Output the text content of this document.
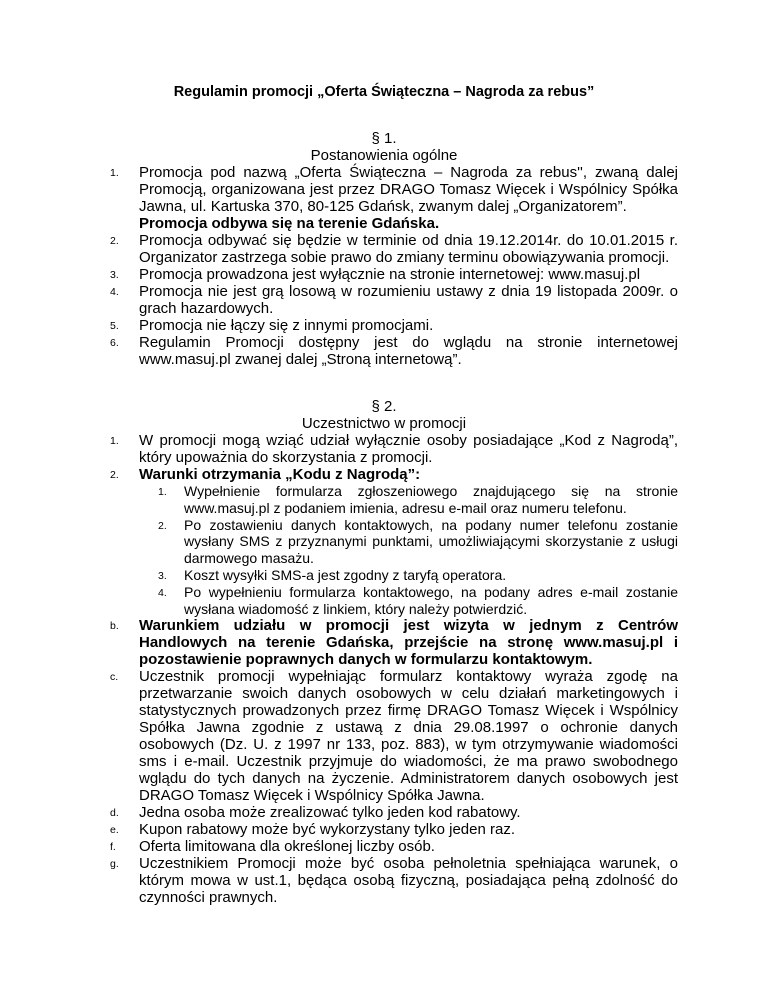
Regulamin promocji „Oferta Świąteczna – Nagroda za rebus”
§ 1.
Postanowienia ogólne
1.	Promocja pod nazwą „Oferta Świąteczna – Nagroda za rebus'', zwaną dalej Promocją, organizowana jest przez DRAGO Tomasz Więcek i Wspólnicy Spółka Jawna, ul. Kartuska 370, 80-125 Gdańsk, zwanym dalej „Organizatorem”.
Promocja odbywa się na terenie Gdańska.
2.	Promocja odbywać się będzie w terminie od dnia 19.12.2014r. do 10.01.2015 r. Organizator zastrzega sobie prawo do zmiany terminu obowiązywania promocji.
3.	Promocja prowadzona jest wyłącznie na stronie internetowej: www.masuj.pl
4.	Promocja nie jest grą losową w rozumieniu ustawy z dnia 19 listopada 2009r. o grach hazardowych.
5.	Promocja nie łączy się z innymi promocjami.
6.	Regulamin Promocji dostępny jest do wglądu na stronie internetowej www.masuj.pl zwanej dalej „Stroną internetową”.
§ 2.
Uczestnictwo w promocji
1.	W promocji mogą wziąć udział wyłącznie osoby posiadające „Kod z Nagrodą”, który upoważnia do skorzystania z promocji.
2.	Warunki otrzymania „Kodu z Nagrodą”:
1.	Wypełnienie formularza zgłoszeniowego znajdującego się na stronie www.masuj.pl z podaniem imienia, adresu e-mail oraz numeru telefonu.
2.	Po zostawieniu danych kontaktowych, na podany numer telefonu zostanie wysłany SMS z przyznanymi punktami, umożliwiającymi skorzystanie z usługi darmowego masażu.
3.	Koszt wysyłki SMS-a jest zgodny z taryfą operatora.
4.	Po wypełnieniu formularza kontaktowego, na podany adres e-mail zostanie wysłana wiadomość z linkiem, który należy potwierdzić.
b.	Warunkiem udziału w promocji jest wizyta w jednym z Centrów Handlowych na terenie Gdańska, przejście na stronę www.masuj.pl i pozostawienie poprawnych danych w formularzu kontaktowym.
c.	Uczestnik promocji wypełniając formularz kontaktowy wyraża zgodę na przetwarzanie swoich danych osobowych w celu działań marketingowych i statystycznych prowadzonych przez firmę DRAGO Tomasz Więcek i Wspólnicy Spółka Jawna zgodnie z ustawą z dnia 29.08.1997 o ochronie danych osobowych (Dz. U. z 1997 nr 133, poz. 883), w tym otrzymywanie wiadomości sms i e-mail. Uczestnik przyjmuje do wiadomości, że ma prawo swobodnego wglądu do tych danych na życzenie. Administratorem danych osobowych jest DRAGO Tomasz Więcek i Wspólnicy Spółka Jawna.
d.	Jedna osoba może zrealizować tylko jeden kod rabatowy.
e.	Kupon rabatowy może być wykorzystany tylko jeden raz.
f.	Oferta limitowana dla określonej liczby osób.
g.	Uczestnikiem Promocji może być osoba pełnoletnia spełniająca warunek, o którym mowa w ust.1, będąca osobą fizyczną, posiadająca pełną zdolność do czynności prawnych.
